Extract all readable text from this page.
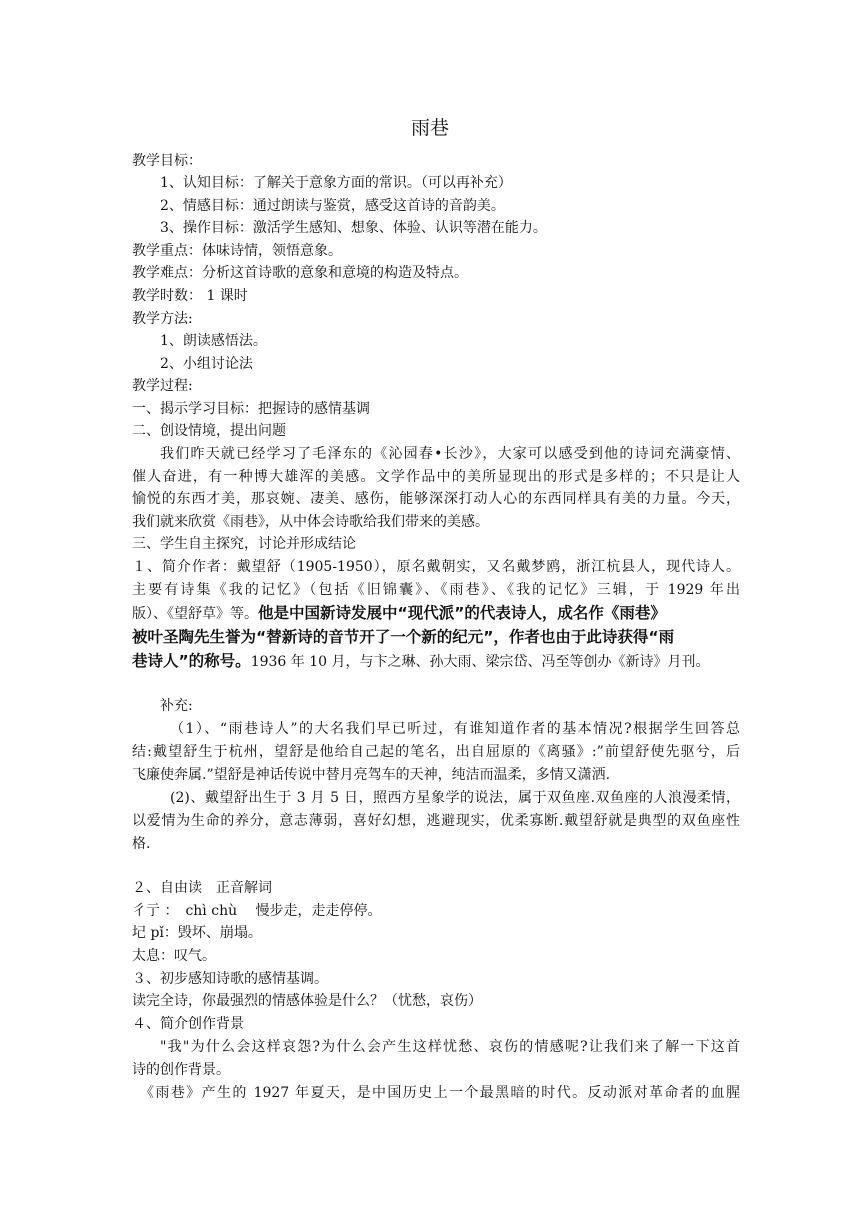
雨巷

教学目标：

1、认知目标：了解关于意象方面的常识。（可以再补充）

2、情感目标：通过朗读与鉴赏，感受这首诗的音韵美。

3、操作目标：激活学生感知、想象、体验、认识等潜在能力。

教学重点：体味诗情，领悟意象。

教学难点：分析这首诗歌的意象和意境的构造及特点。

教学时数： 1 课时

教学方法:

1、朗读感悟法。

2、小组讨论法

教学过程:

一、揭示学习目标：把握诗的感情基调

二、创设情境，提出问题

我们昨天就已经学习了毛泽东的《沁园春•长沙》，大家可以感受到他的诗词充满豪情、

催人奋进，有一种博大雄浑的美感。文学作品中的美所显现出的形式是多样的；不只是让人

愉悦的东西才美，那哀婉、凄美、感伤，能够深深打动人心的东西同样具有美的力量。今天，

我们就来欣赏《雨巷》，从中体会诗歌给我们带来的美感。

三、学生自主探究，讨论并形成结论

１、简介作者：戴望舒（1905-1950），原名戴朝实，又名戴梦鸥，浙江杭县人，现代诗人。

主要有诗集《我的记忆》（包括《旧锦囊》、《雨巷》、《我的记忆》三辑，于 1929 年出

版）、《望舒草》等。他是中国新诗发展中“现代派”的代表诗人，成名作《雨巷》

被叶圣陶先生誉为“替新诗的音节开了一个新的纪元”，作者也由于此诗获得“雨

巷诗人”的称号。1936 年 10 月，与卞之琳、孙大雨、梁宗岱、冯至等创办《新诗》月刊。

补充:

（1）、“雨巷诗人”的大名我们早已听过，有谁知道作者的基本情况?根据学生回答总

结:戴望舒生于杭州，望舒是他给自己起的笔名，出自屈原的《离骚》:”前望舒使先驱兮，后

飞廉使奔属.”望舒是神话传说中替月亮驾车的天神，纯洁而温柔，多情又潇洒.

(2)、戴望舒出生于 3 月 5 日，照西方星象学的说法，属于双鱼座.双鱼座的人浪漫柔情，

以爱情为生命的养分，意志薄弱，喜好幻想，逃避现实，优柔寡断.戴望舒就是典型的双鱼座性

格.

２、自由读　正音解词

彳亍 ：　chì chù　 慢步走，走走停停。

圮 pǐ：毁坏、崩塌。

太息：叹气。

３、初步感知诗歌的感情基调。

读完全诗，你最强烈的情感体验是什么？（忧愁，哀伤）

４、简介创作背景

"我"为什么会这样哀怨?为什么会产生这样忧愁、哀伤的情感呢?让我们来了解一下这首

诗的创作背景。

《雨巷》产生的 1927 年夏天，是中国历史上一个最黑暗的时代。反动派对革命者的血腥
